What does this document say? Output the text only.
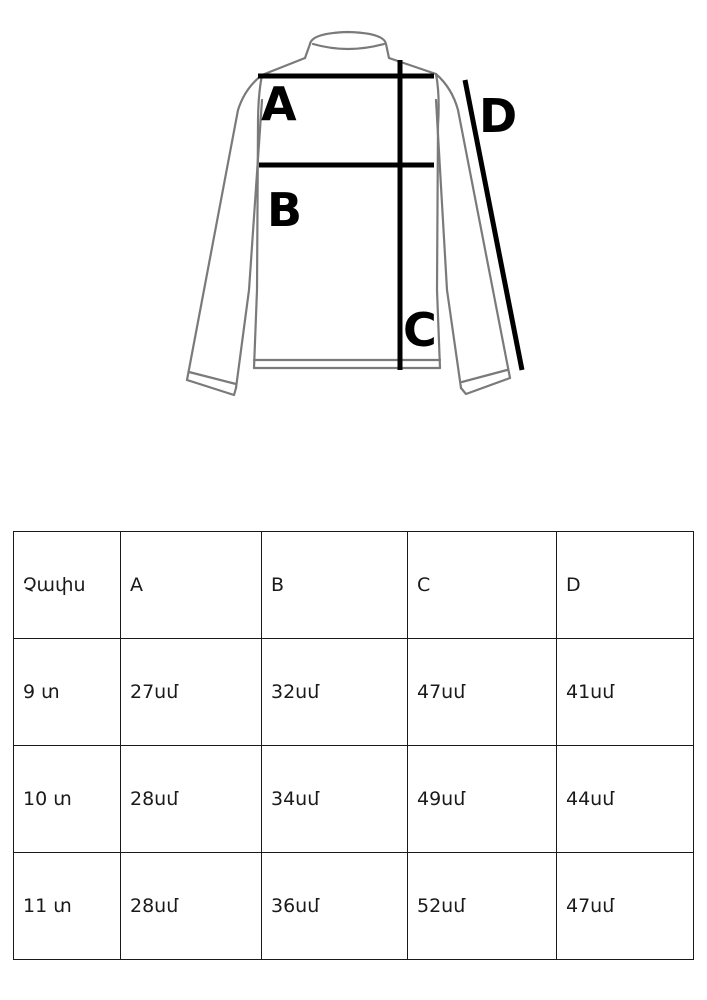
A
B
C
D
Չափս	A	B	C	D
9 տ	27սմ	32սմ	47սմ	41սմ
10 տ	28սմ	34սմ	49սմ	44սմ
11 տ	28սմ	36սմ	52սմ	47սմ
